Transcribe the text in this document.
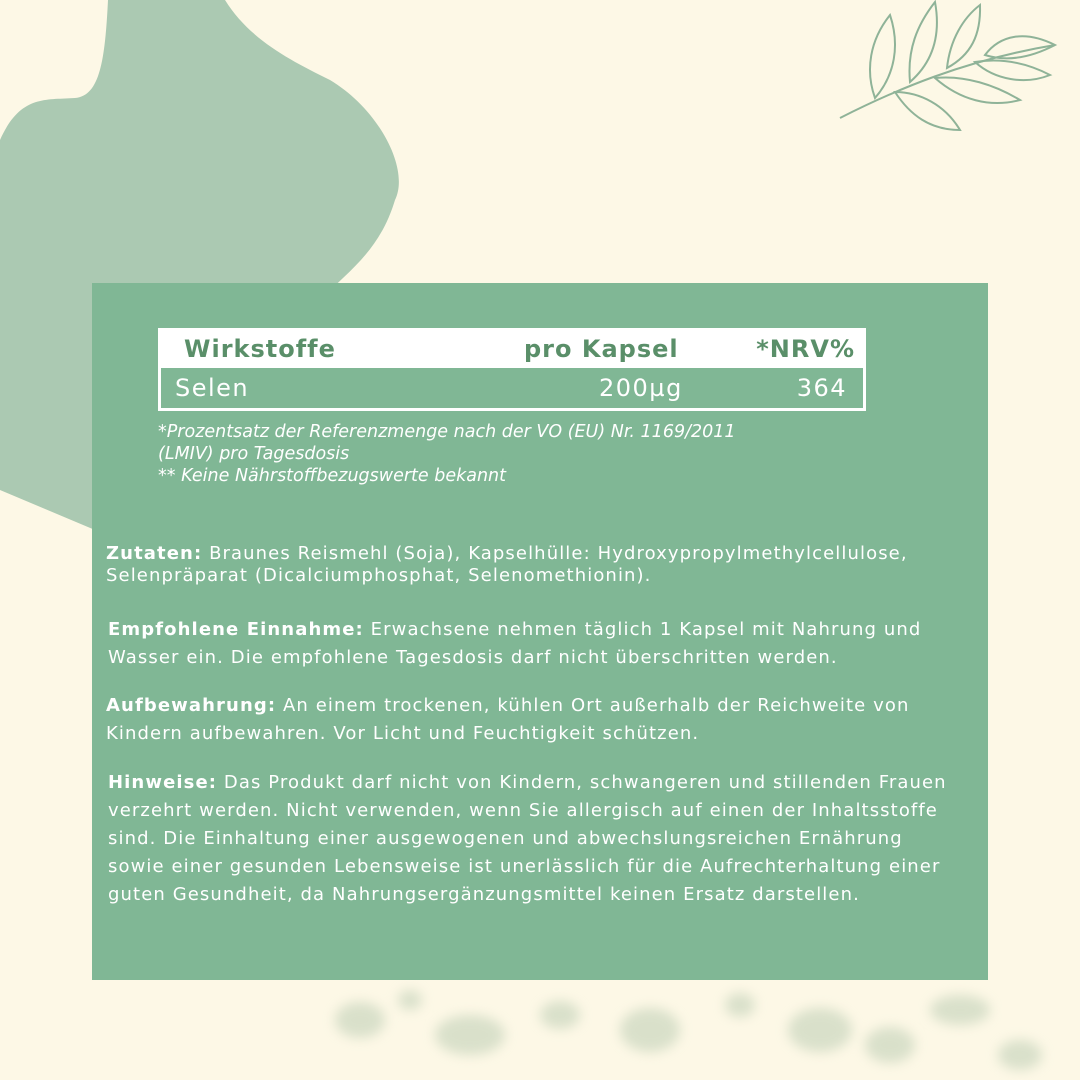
Wirkstoffe	pro Kapsel	*NRV%
Selen	200µg	364
*Prozentsatz der Referenzmenge nach der VO (EU) Nr. 1169/2011
(LMIV) pro Tagesdosis
** Keine Nährstoffbezugswerte bekannt
Zutaten: Braunes Reismehl (Soja), Kapselhülle: Hydroxypropylmethylcellulose, Selenpräparat (Dicalciumphosphat, Selenomethionin).
Empfohlene Einnahme: Erwachsene nehmen täglich 1 Kapsel mit Nahrung und Wasser ein. Die empfohlene Tagesdosis darf nicht überschritten werden.
Aufbewahrung: An einem trockenen, kühlen Ort außerhalb der Reichweite von Kindern aufbewahren. Vor Licht und Feuchtigkeit schützen.
Hinweise: Das Produkt darf nicht von Kindern, schwangeren und stillenden Frauen verzehrt werden. Nicht verwenden, wenn Sie allergisch auf einen der Inhaltsstoffe sind. Die Einhaltung einer ausgewogenen und abwechslungsreichen Ernährung sowie einer gesunden Lebensweise ist unerlässlich für die Aufrechterhaltung einer guten Gesundheit, da Nahrungsergänzungsmittel keinen Ersatz darstellen.
